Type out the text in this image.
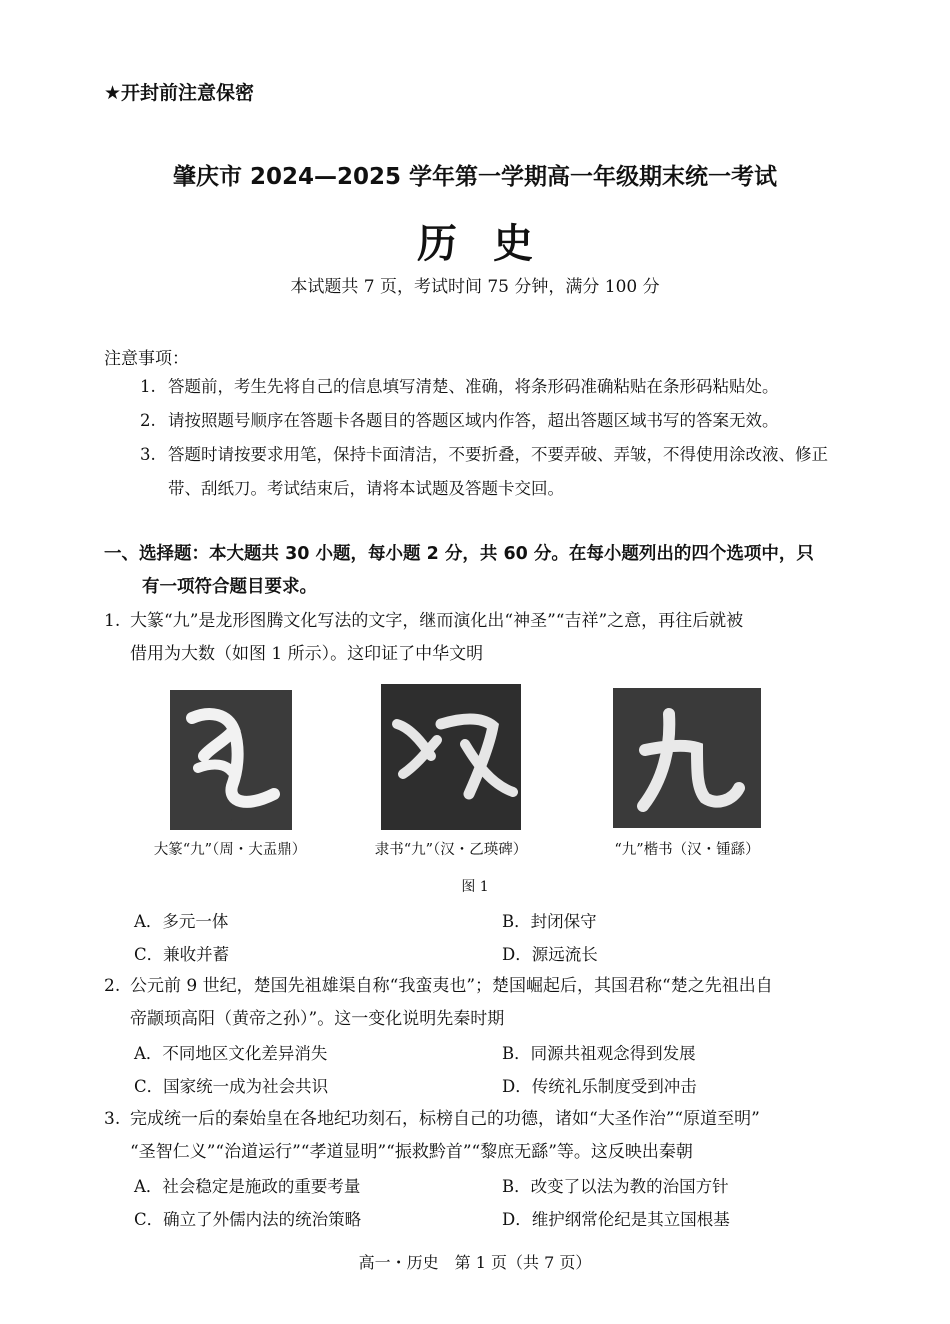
★开封前注意保密
肇庆市 2024—2025 学年第一学期高一年级期末统一考试
历史
本试题共 7 页，考试时间 75 分钟，满分 100 分
注意事项：
1. 答题前，考生先将自己的信息填写清楚、准确，将条形码准确粘贴在条形码粘贴处。
2. 请按照题号顺序在答题卡各题目的答题区域内作答，超出答题区域书写的答案无效。
3. 答题时请按要求用笔，保持卡面清洁，不要折叠，不要弄破、弄皱，不得使用涂改液、修正带、刮纸刀。考试结束后，请将本试题及答题卡交回。
一、选择题：本大题共 30 小题，每小题 2 分，共 60 分。在每小题列出的四个选项中，只
有一项符合题目要求。
1. 大篆“九”是龙形图腾文化写法的文字，继而演化出“神圣”“吉祥”之意，再往后就被
借用为大数（如图 1 所示）。这印证了中华文明
九
九
九
大篆“九”（周・大盂鼎）	隶书“九”（汉・乙瑛碑）	“九”楷书（汉・锺繇）
图 1
A．多元一体	B．封闭保守
C．兼收并蓄	D．源远流长
2. 公元前 9 世纪，楚国先祖雄渠自称“我蛮夷也”；楚国崛起后，其国君称“楚之先祖出自
帝颛顼高阳（黄帝之孙）”。这一变化说明先秦时期
A．不同地区文化差异消失	B．同源共祖观念得到发展
C．国家统一成为社会共识	D．传统礼乐制度受到冲击
3. 完成统一后的秦始皇在各地纪功刻石，标榜自己的功德，诸如“大圣作治”“原道至明”
“圣智仁义”“治道运行”“孝道显明”“振救黔首”“黎庶无繇”等。这反映出秦朝
A．社会稳定是施政的重要考量	B．改变了以法为教的治国方针
C．确立了外儒内法的统治策略	D．维护纲常伦纪是其立国根基
高一・历史　第 1 页（共 7 页）
